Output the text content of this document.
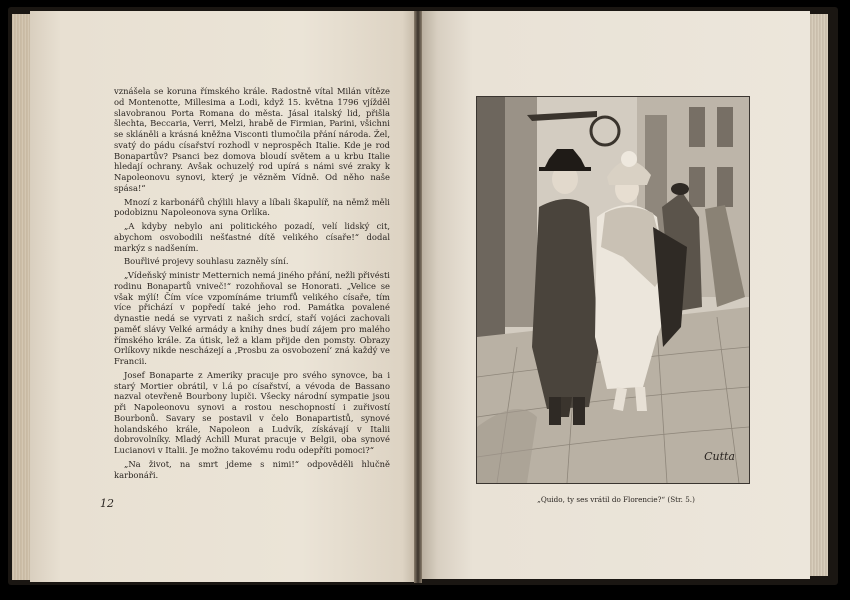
vznášela se koruna římského krále. Radostně vítal Milán vítěze od Montenotte, Millesima a Lodi, když 15. května 1796 vjížděl slavobranou Porta Romana do města. Jásal italský lid, přišla šlechta, Beccaria, Verri, Melzi, hrabě de Firmian, Parini, všichni se skláněli a krásná kněžna Visconti tlumočila přání národa. Žel, svatý do pádu císařství rozhodl v neprospěch Italie. Kde je rod Bonapartův? Psanci bez domova bloudí světem a u krbu Italie hledají ochrany. Avšak ochuzelý rod upírá s námi své zraky k Napoleonovu synovi, který je vězněm Vídně. Od něho naše spása!“

Mnozí z karbonářů chýlili hlavy a líbali škapulíř, na němž měli podobiznu Napoleonova syna Orlíka.

„A kdyby nebylo ani politického pozadí, velí lidský cit, abychom osvobodili nešťastné dítě velikého císaře!“ dodal markýz s nadšením.

Bouřlivé projevy souhlasu zazněly síní.

„Vídeňský ministr Metternich nemá jiného přání, nežli přivésti rodinu Bonapartů vniveč!“ rozohňoval se Honorati. „Velice se však mýlí! Čím více vzpomínáme triumfů velikého císaře, tím více přichází v popředí také jeho rod. Památka povalené dynastie nedá se vyrvati z našich srdcí, staří vojáci zachovali paměť slávy Velké armády a knihy dnes budí zájem pro malého římského krále. Za útisk, lež a klam přijde den pomsty. Obrazy Orlíkovy nikde nescházejí a ‚Prosbu za osvobození‘ zná každý ve Francii.

Josef Bonaparte z Ameriky pracuje pro svého synovce, ba i starý Mortier obrátil, v l.á po císařství, a vévoda de Bassano nazval otevřeně Bourbony lupiči. Všecky národní sympatie jsou při Napoleonovu synovi a rostou neschopností i zuřivostí Bourbonů. Savary se postavil v čelo Bonapartistů, synové holandského krále, Napoleon a Ludvík, získávají v Italii dobrovolníky. Mladý Achill Murat pracuje v Belgii, oba synové Lucianovi v Italii. Je možno takovému rodu odepříti pomoci?“

„Na život, na smrt jdeme s nimi!“ odpověděli hlučně karbonáři.

12
Cutta
„Quido, ty ses vrátil do Florencie?“ (Str. 5.)
